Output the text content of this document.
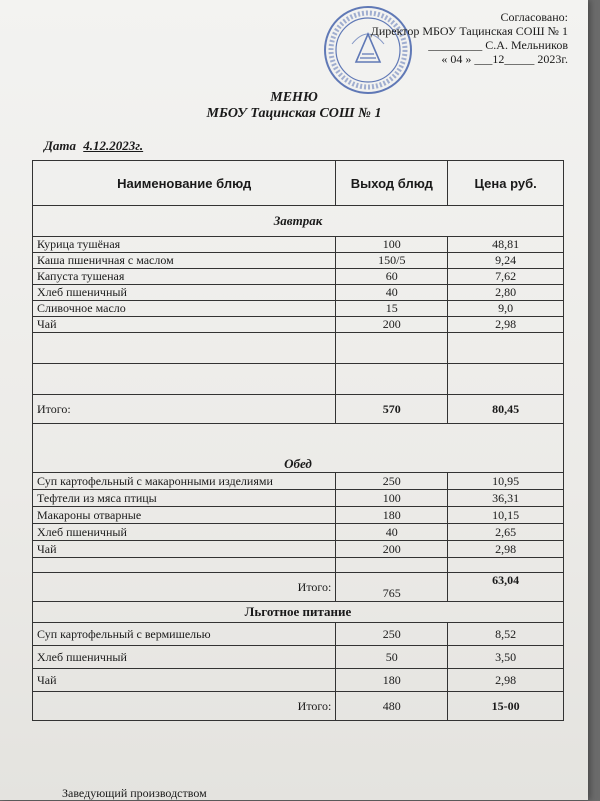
Согласовано:
Директор МБОУ Тацинская СОШ № 1
_________ С.А. Мельников
« 04 » ___12_____ 2023г.
МЕНЮ
МБОУ Тацинская СОШ № 1
Дата 4.12.2023г.
Наименование блюд	Выход блюд	Цена руб.
Завтрак		
Курица тушёная	100	48,81
Каша пшеничная с маслом	150/5	9,24
Капуста тушеная	60	7,62
Хлеб пшеничный	40	2,80
Сливочное масло	15	9,0
Чай	200	2,98

Итого:	570	80,45
Обед		
Суп картофельный с макаронными изделиями	250	10,95
Тефтели из мяса птицы	100	36,31
Макароны отварные	180	10,15
Хлеб пшеничный	40	2,65
Чай	200	2,98

Итого:	765	63,04
Льготное питание		
Суп картофельный с вермишелью	250	8,52
Хлеб пшеничный	50	3,50
Чай	180	2,98
Итого:	480	15-00
Заведующий производством
